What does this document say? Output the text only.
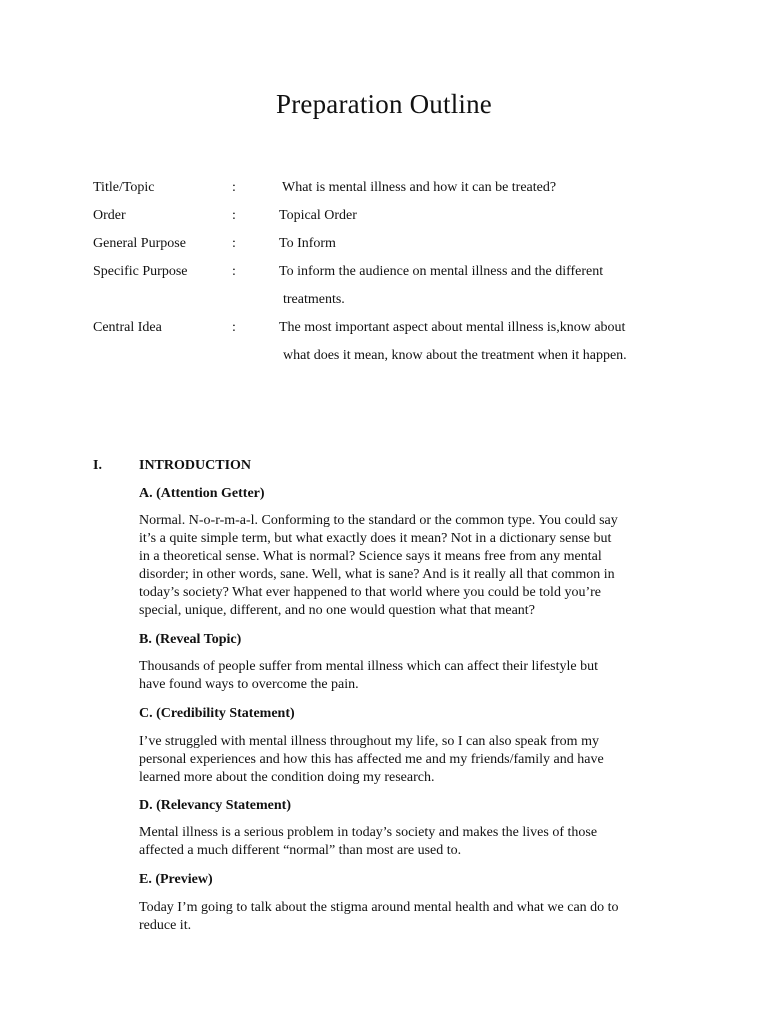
Preparation Outline
Title/Topic	:	What is mental illness and how it can be treated?
Order	:	Topical Order
General Purpose	:	To Inform
Specific Purpose	:	To inform the audience on mental illness and the different
treatments.
Central Idea	:	The most important aspect about mental illness is,know about
what does it mean, know about the treatment when it happen.
I.	INTRODUCTION

A. (Attention Getter)

Normal. N-o-r-m-a-l. Conforming to the standard or the common type. You could say

it’s a quite simple term, but what exactly does it mean? Not in a dictionary sense but

in a theoretical sense. What is normal? Science says it means free from any mental

disorder; in other words, sane. Well, what is sane? And is it really all that common in

today’s society? What ever happened to that world where you could be told you’re

special, unique, different, and no one would question what that meant?

B. (Reveal Topic)

Thousands of people suffer from mental illness which can affect their lifestyle but

have found ways to overcome the pain.

C. (Credibility Statement)

I’ve struggled with mental illness throughout my life, so I can also speak from my

personal experiences and how this has affected me and my friends/family and have

learned more about the condition doing my research.

D. (Relevancy Statement)

Mental illness is a serious problem in today’s society and makes the lives of those

affected a much different “normal” than most are used to.

E. (Preview)

Today I’m going to talk about the stigma around mental health and what we can do to

reduce it.
